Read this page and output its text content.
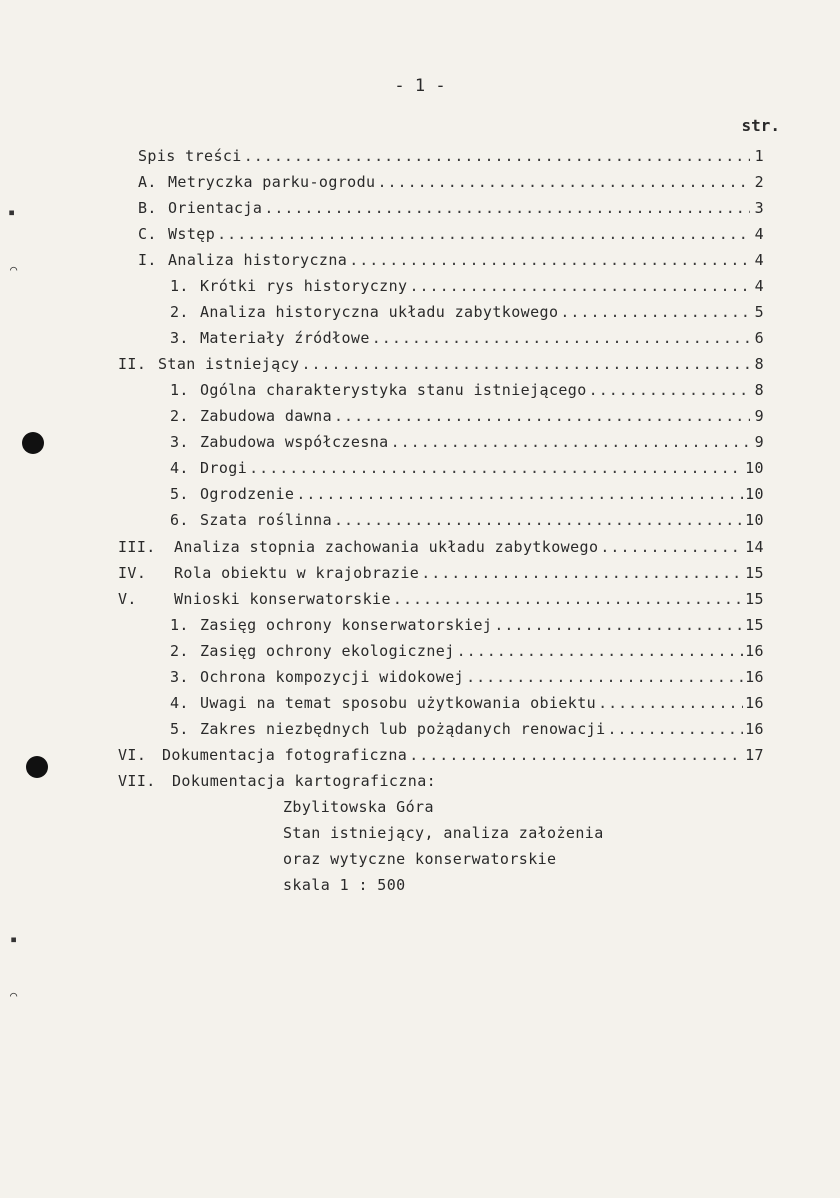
- 1 -
str.
Spis treści .....	1
A. Metryczka parku-ogrodu .....	2
B. Orientacja .....	3
C. Wstęp .....	4
I. Analiza historyczna .....	4
1. Krótki rys historyczny .....	4
2. Analiza historyczna układu zabytkowego .....	5
3. Materiały źródłowe .....	6
II. Stan istniejący .....	8
1. Ogólna charakterystyka stanu istniejącego .....	8
2. Zabudowa dawna .....	9
3. Zabudowa współczesna .....	9
4. Drogi .....	10
5. Ogrodzenie .....	10
6. Szata roślinna .....	10
III.	Analiza stopnia zachowania układu zabytkowego .....	14
IV.	Rola obiektu w krajobrazie .....	15
V.	Wnioski konserwatorskie .....	15
1. Zasięg ochrony konserwatorskiej .....	15
2. Zasięg ochrony ekologicznej .....	16
3. Ochrona kompozycji widokowej .....	16
4. Uwagi na temat sposobu użytkowania obiektu .....	16
5. Zakres niezbędnych lub pożądanych renowacji .....	16
VI.	Dokumentacja fotograficzna .....	17
VII.	Dokumentacja kartograficzna:
Zbylitowska Góra
Stan istniejący, analiza założenia
oraz wytyczne konserwatorskie
skala 1 : 500
▪
⌒
▪
⌒
